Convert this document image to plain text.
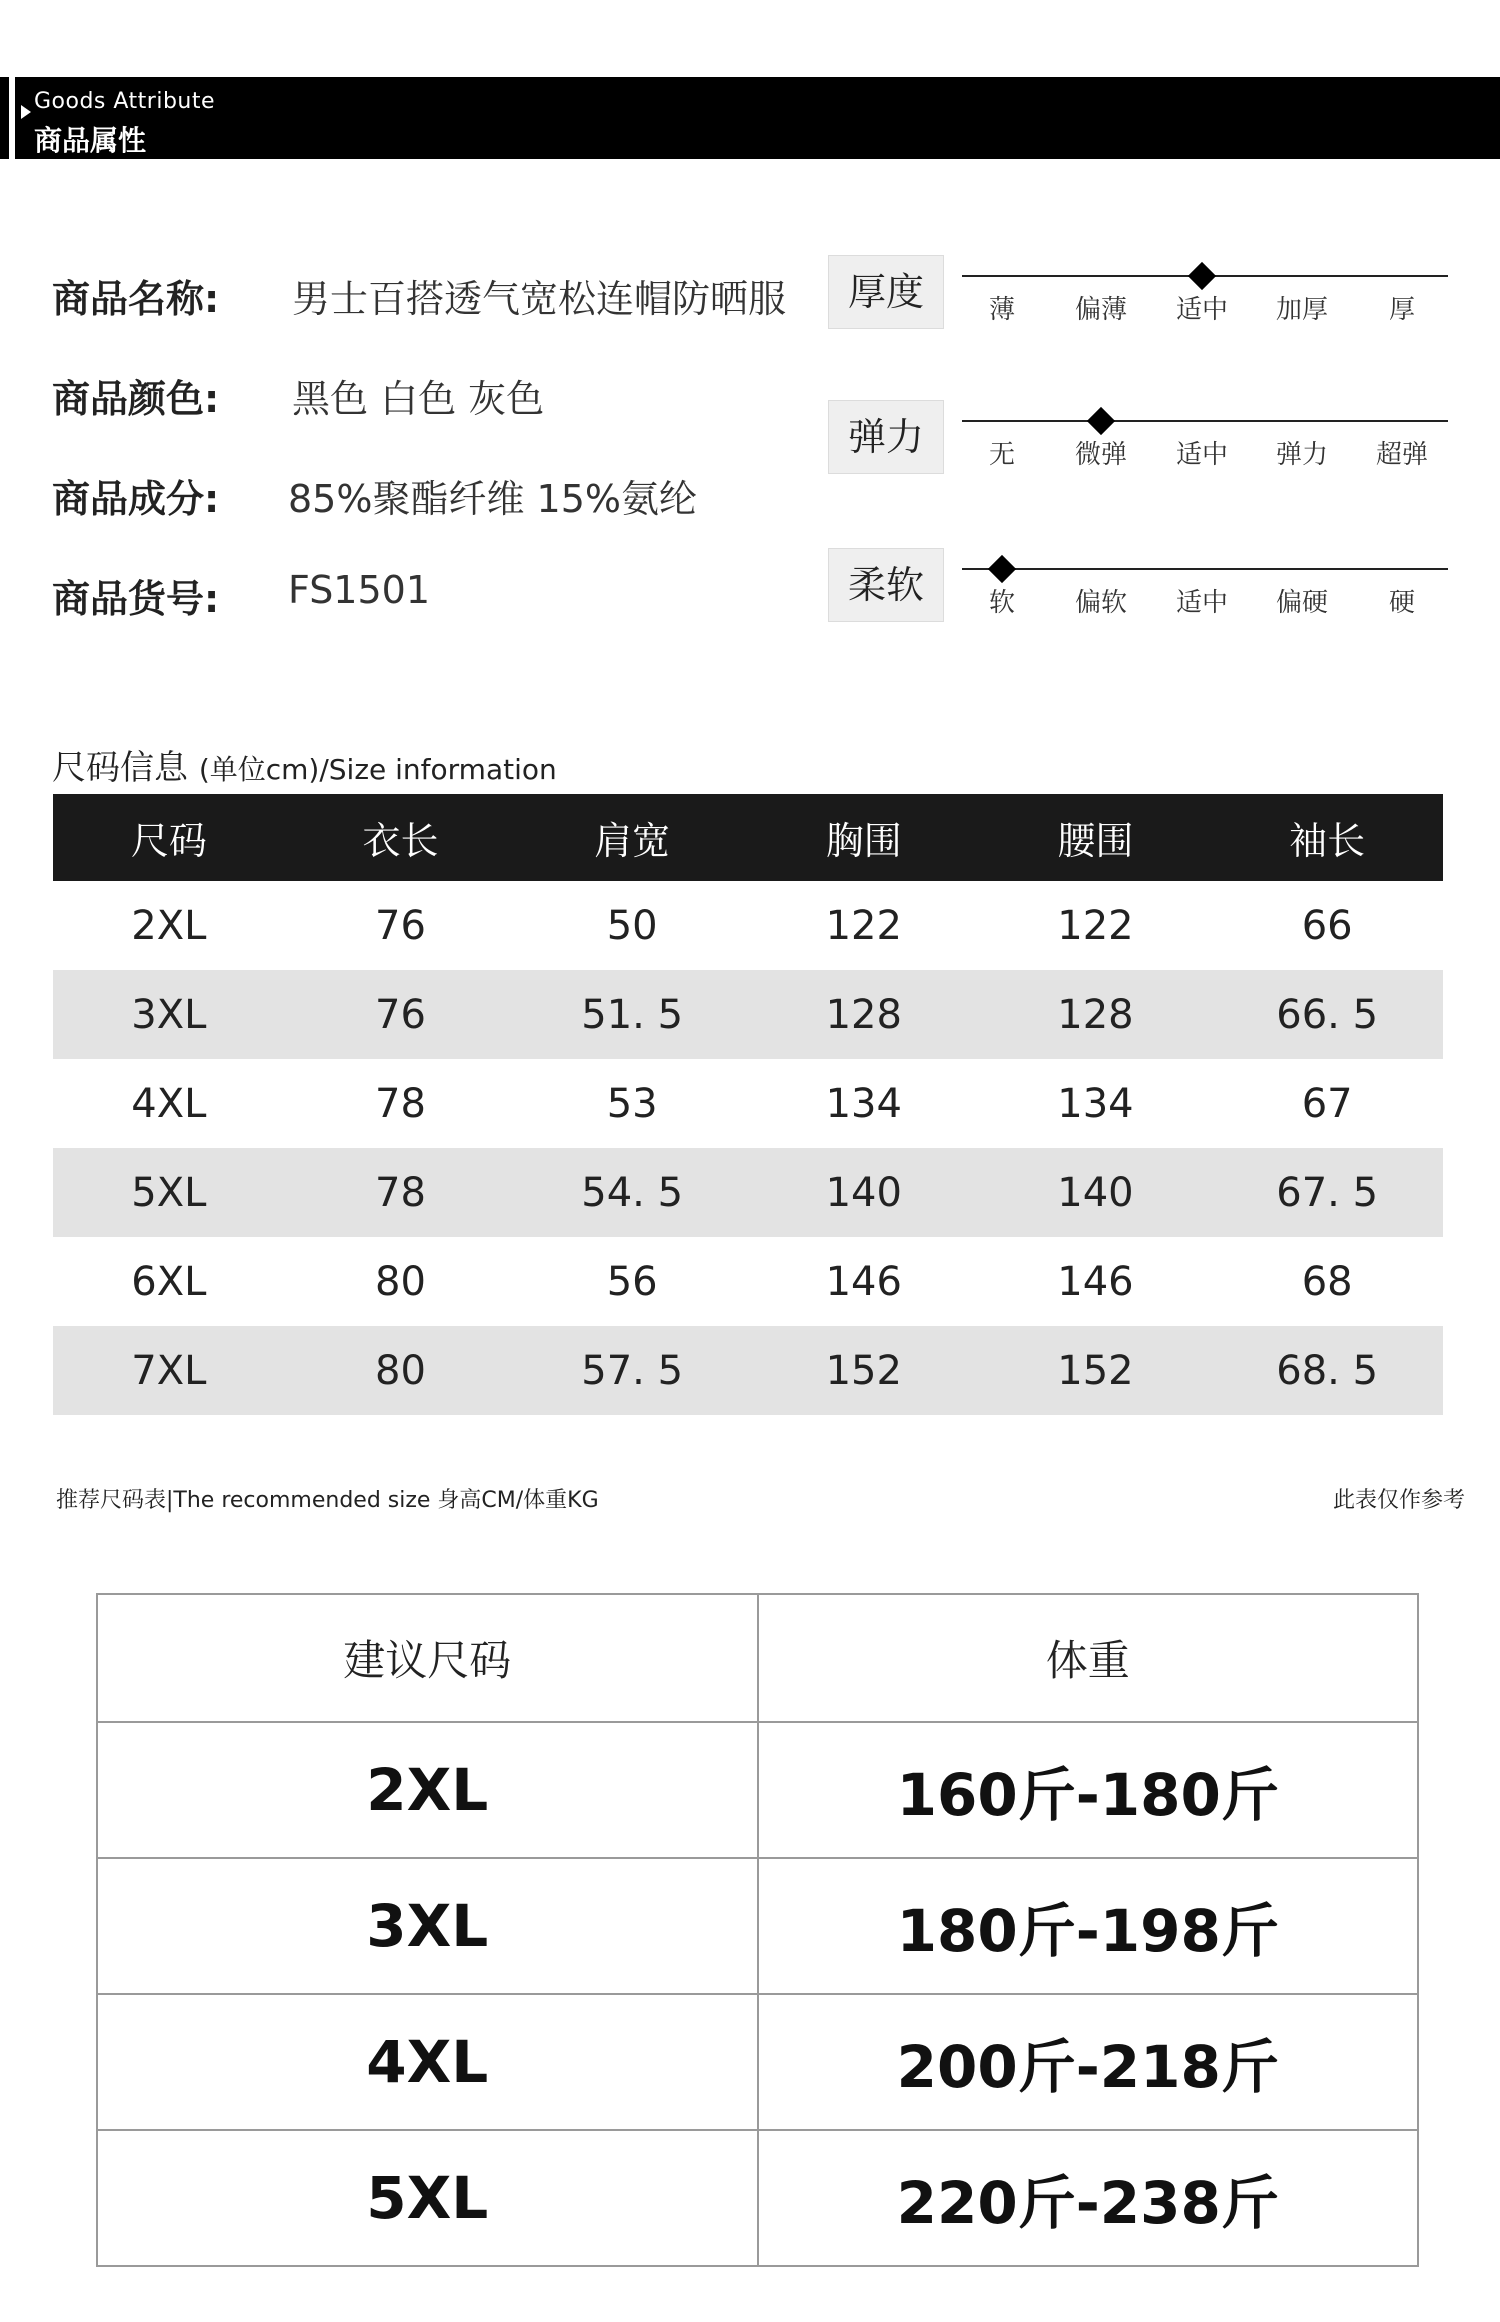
Goods Attribute
商品属性
商品名称: 男士百搭透气宽松连帽防晒服
商品颜色: 黑色 白色 灰色
商品成分: 85%聚酯纤维 15%氨纶
商品货号: FS1501
厚度	薄 偏薄 适中 加厚 厚
弹力	无 微弹 适中 弹力 超弹
柔软	软 偏软 适中 偏硬 硬
尺码信息 (单位cm)/Size information
尺码	衣长	肩宽	胸围	腰围	袖长
2XL	76	50	122	122	66
3XL	76	51. 5	128	128	66. 5
4XL	78	53	134	134	67
5XL	78	54. 5	140	140	67. 5
6XL	80	56	146	146	68
7XL	80	57. 5	152	152	68. 5
推荐尺码表|The recommended size 身高CM/体重KG	此表仅作参考
建议尺码	体重
2XL	160斤-180斤
3XL	180斤-198斤
4XL	200斤-218斤
5XL	220斤-238斤
